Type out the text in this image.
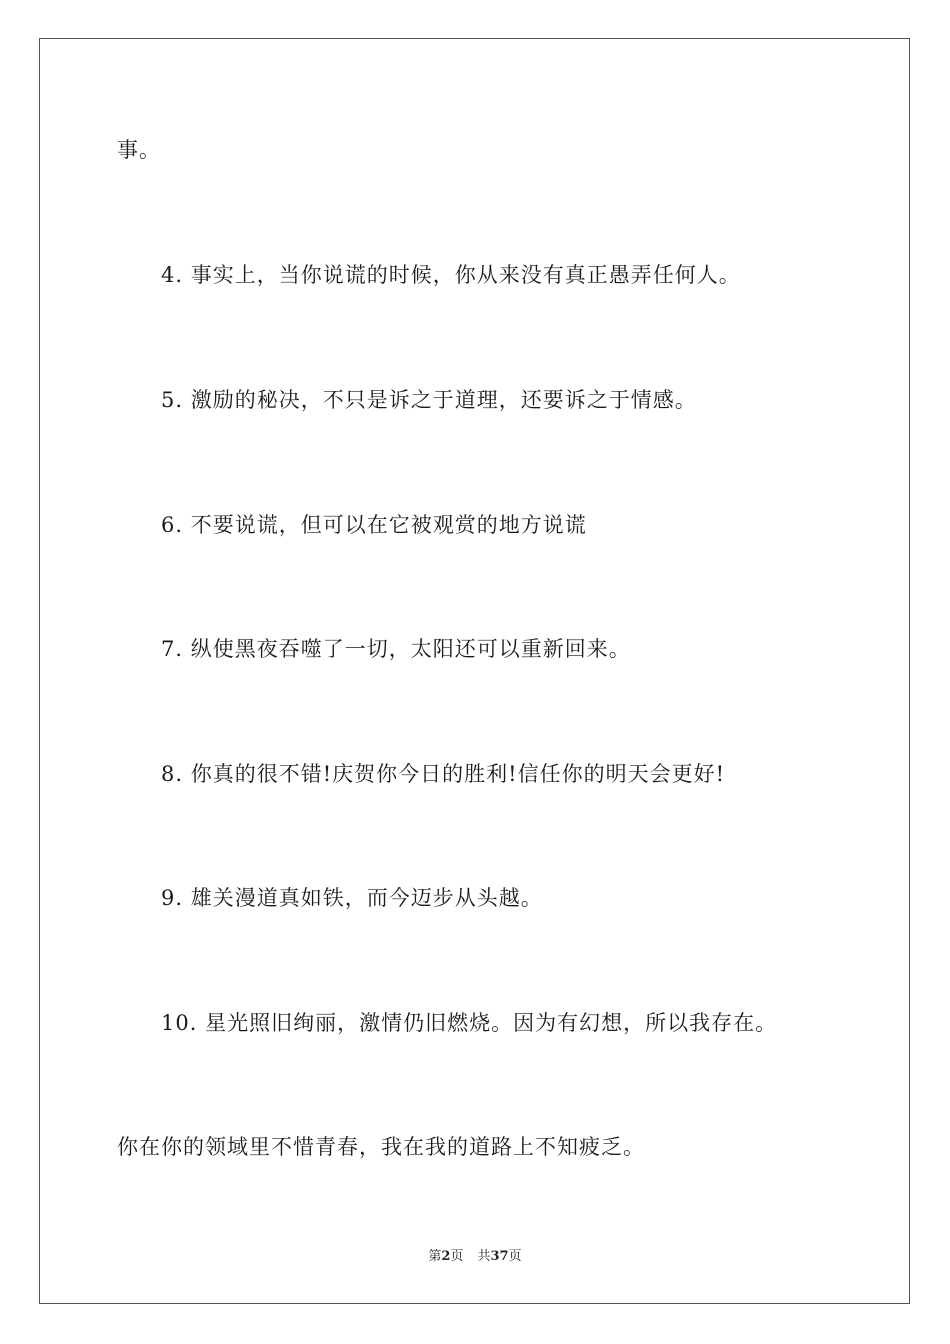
事。
4. 事实上，当你说谎的时候，你从来没有真正愚弄任何人。
5. 激励的秘决，不只是诉之于道理，还要诉之于情感。
6. 不要说谎，但可以在它被观赏的地方说谎
7. 纵使黑夜吞噬了一切，太阳还可以重新回来。
8. 你真的很不错!庆贺你今日的胜利!信任你的明天会更好!
9. 雄关漫道真如铁，而今迈步从头越。
10. 星光照旧绚丽，激情仍旧燃烧。因为有幻想，所以我存在。
你在你的领域里不惜青春，我在我的道路上不知疲乏。
第2页 共37页
